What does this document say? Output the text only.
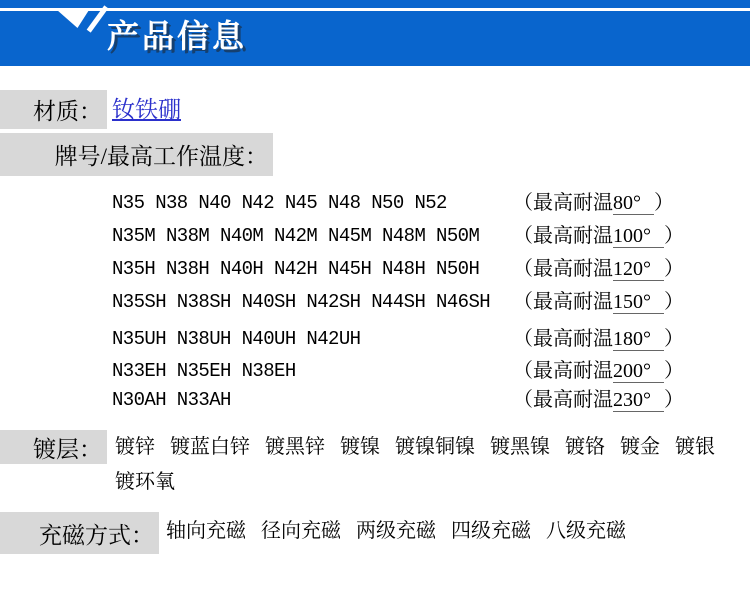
产品信息
材质： 钕铁硼
牌号/最高工作温度：
N35 N38 N40 N42 N45 N48 N50 N52	（最高耐温80° ）
N35M N38M N40M N42M N45M N48M N50M （最高耐温100° ）
N35H N38H N40H N42H N45H N48H N50H （最高耐温120° ）
N35SH N38SH N40SH N42SH N44SH N46SH （最高耐温150° ）
N35UH N38UH N40UH N42UH	（最高耐温180° ）
N33EH N35EH N38EH	（最高耐温200° ）
N30AH N33AH	（最高耐温230° ）
镀层： 镀锌   镀蓝白锌   镀黑锌   镀镍   镀镍铜镍   镀黑镍   镀铬   镀金   镀银
镀环氧
充磁方式： 轴向充磁   径向充磁   两级充磁   四级充磁   八级充磁
